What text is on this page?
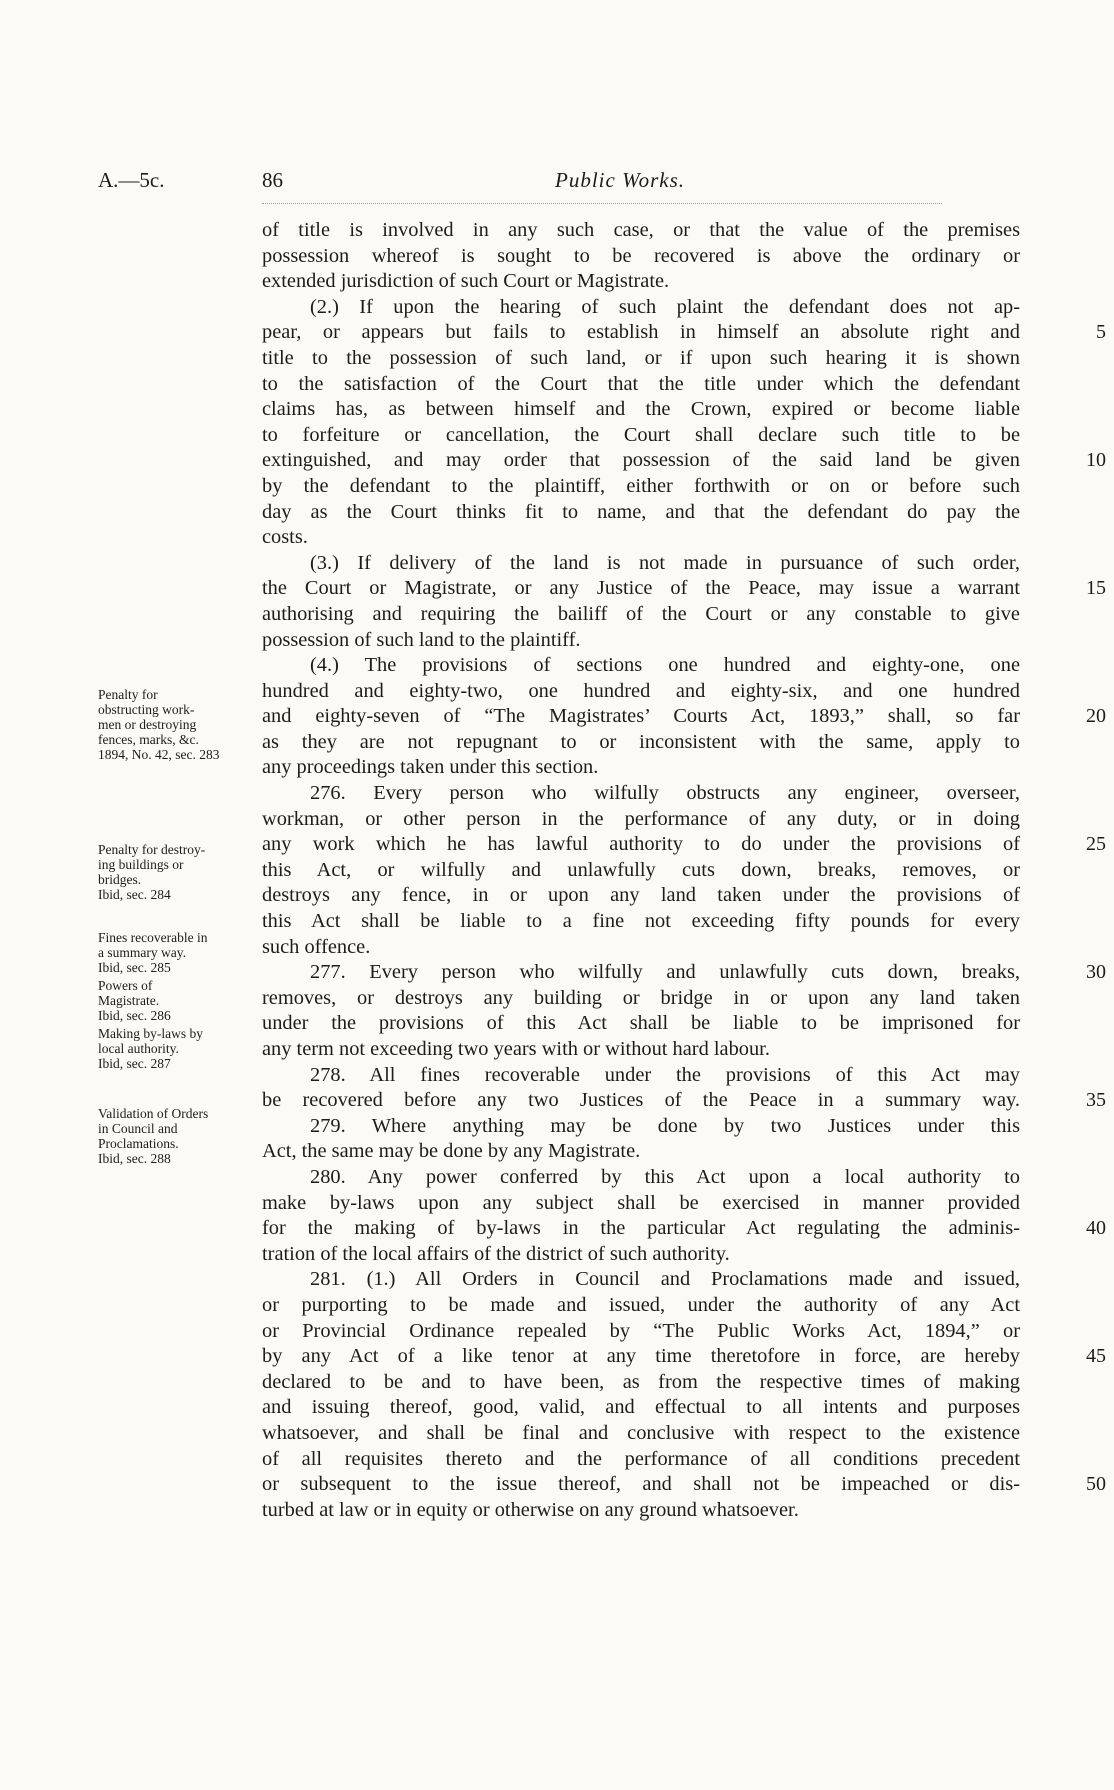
A.—5c.	86	Public Works.
Penalty for
obstructing work-
men or destroying
fences, marks, &c.
1894, No. 42, sec. 283
Penalty for destroy-
ing buildings or
bridges.
Ibid, sec. 284
Fines recoverable in
a summary way.
Ibid, sec. 285
Powers of
Magistrate.
Ibid, sec. 286
Making by-laws by
local authority.
Ibid, sec. 287
Validation of Orders
in Council and
Proclamations.
Ibid, sec. 288
of title is involved in any such case, or that the value of the premises
possession whereof is sought to be recovered is above the ordinary or
extended jurisdiction of such Court or Magistrate.
(2.) If upon the hearing of such plaint the defendant does not ap-
pear, or appears but fails to establish in himself an absolute right and	5
title to the possession of such land, or if upon such hearing it is shown
to the satisfaction of the Court that the title under which the defendant
claims has, as between himself and the Crown, expired or become liable
to forfeiture or cancellation, the Court shall declare such title to be
extinguished, and may order that possession of the said land be given	10
by the defendant to the plaintiff, either forthwith or on or before such
day as the Court thinks fit to name, and that the defendant do pay the
costs.
(3.) If delivery of the land is not made in pursuance of such order,
the Court or Magistrate, or any Justice of the Peace, may issue a warrant	15
authorising and requiring the bailiff of the Court or any constable to give
possession of such land to the plaintiff.
(4.) The provisions of sections one hundred and eighty-one, one
hundred and eighty-two, one hundred and eighty-six, and one hundred
and eighty-seven of “The Magistrates’ Courts Act, 1893,” shall, so far	20
as they are not repugnant to or inconsistent with the same, apply to
any proceedings taken under this section.
276. Every person who wilfully obstructs any engineer, overseer,
workman, or other person in the performance of any duty, or in doing
any work which he has lawful authority to do under the provisions of	25
this Act, or wilfully and unlawfully cuts down, breaks, removes, or
destroys any fence, in or upon any land taken under the provisions of
this Act shall be liable to a fine not exceeding fifty pounds for every
such offence.
277. Every person who wilfully and unlawfully cuts down, breaks,	30
removes, or destroys any building or bridge in or upon any land taken
under the provisions of this Act shall be liable to be imprisoned for
any term not exceeding two years with or without hard labour.
278. All fines recoverable under the provisions of this Act may
be recovered before any two Justices of the Peace in a summary way.	35
279. Where anything may be done by two Justices under this
Act, the same may be done by any Magistrate.
280. Any power conferred by this Act upon a local authority to
make by-laws upon any subject shall be exercised in manner provided
for the making of by-laws in the particular Act regulating the adminis-	40
tration of the local affairs of the district of such authority.
281. (1.) All Orders in Council and Proclamations made and issued,
or purporting to be made and issued, under the authority of any Act
or Provincial Ordinance repealed by “The Public Works Act, 1894,” or
by any Act of a like tenor at any time theretofore in force, are hereby	45
declared to be and to have been, as from the respective times of making
and issuing thereof, good, valid, and effectual to all intents and purposes
whatsoever, and shall be final and conclusive with respect to the existence
of all requisites thereto and the performance of all conditions precedent
or subsequent to the issue thereof, and shall not be impeached or dis-	50
turbed at law or in equity or otherwise on any ground whatsoever.
